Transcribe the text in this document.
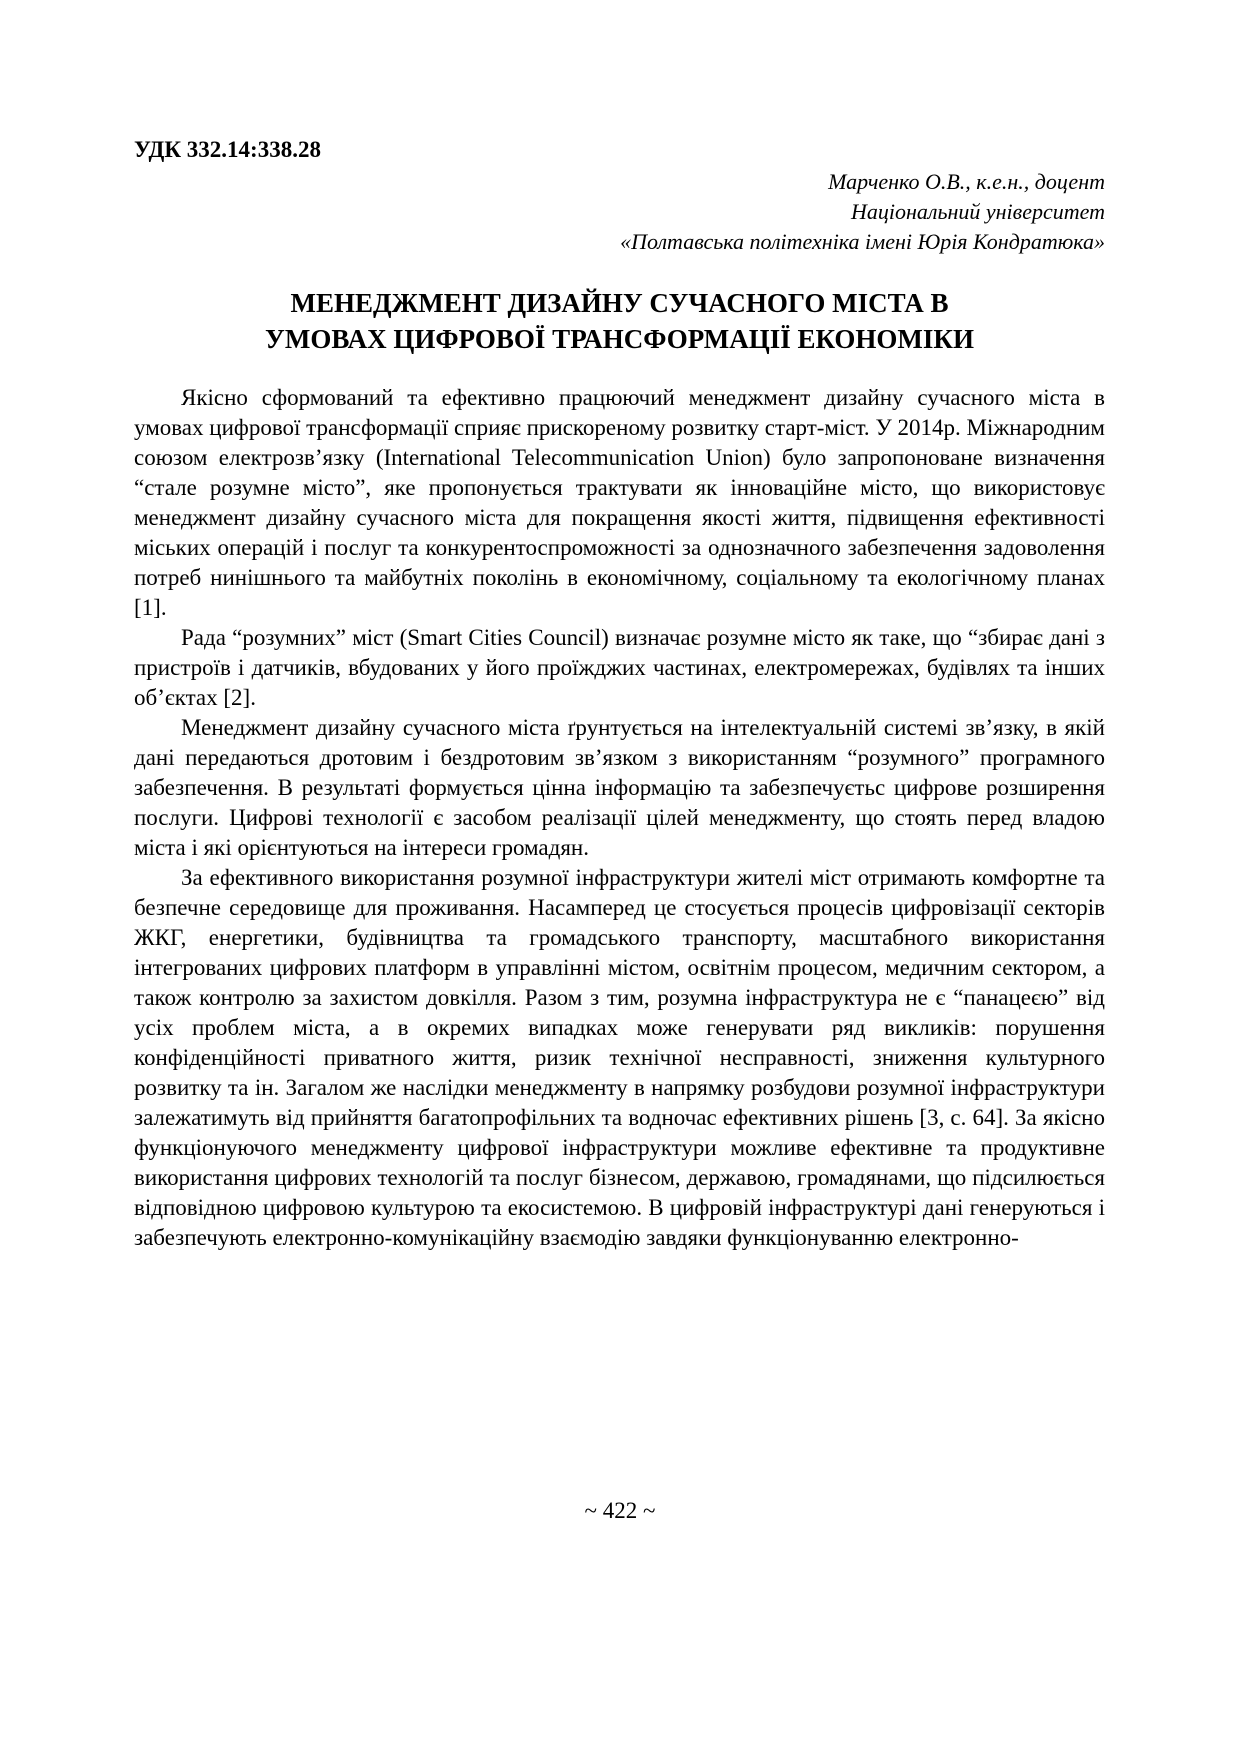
УДК 332.14:338.28
Марченко О.В., к.е.н., доцент
Національний університет
«Полтавська політехніка імені Юрія Кондратюка»
МЕНЕДЖМЕНТ ДИЗАЙНУ СУЧАСНОГО МІСТА В
УМОВАХ ЦИФРОВОЇ ТРАНСФОРМАЦІЇ ЕКОНОМІКИ

Якісно сформований та ефективно працюючий менеджмент дизайну сучасного міста в умовах цифрової трансформації сприяє прискореному розвитку старт-міст. У 2014р. Міжнародним союзом електрозв’язку (International Telecommunication Union) було запропоноване визначення “стале розумне місто”, яке пропонується трактувати як інноваційне місто, що використовує менеджмент дизайну сучасного міста для покращення якості життя, підвищення ефективності міських операцій і послуг та конкурентоспроможності за однозначного забезпечення задоволення потреб нинішнього та майбутніх поколінь в економічному, соціальному та екологічному планах [1].

Рада “розумних” міст (Smart Cities Council) визначає розумне місто як таке, що “збирає дані з пристроїв і датчиків, вбудованих у його проїжджих частинах, електромережах, будівлях та інших об’єктах [2].

Менеджмент дизайну сучасного міста ґрунтується на інтелектуальній системі зв’язку, в якій дані передаються дротовим і бездротовим зв’язком з використанням “розумного” програмного забезпечення. В результаті формується цінна інформацію та забезпечуєтьс цифрове розширення послуги. Цифрові технології є засобом реалізації цілей менеджменту, що стоять перед владою міста і які орієнтуються на інтереси громадян.

За ефективного використання розумної інфраструктури жителі міст отримають комфортне та безпечне середовище для проживання. Насамперед це стосується процесів цифровізації секторів ЖКГ, енергетики, будівництва та громадського транспорту, масштабного використання інтегрованих цифрових платформ в управлінні містом, освітнім процесом, медичним сектором, а також контролю за захистом довкілля. Разом з тим, розумна інфраструктура не є “панацеєю” від усіх проблем міста, а в окремих випадках може генерувати ряд викликів: порушення конфіденційності приватного життя, ризик технічної несправності, зниження культурного розвитку та ін. Загалом же наслідки менеджменту в напрямку розбудови розумної інфраструктури залежатимуть від прийняття багатопрофільних та водночас ефективних рішень [3, с. 64]. За якісно функціонуючого менеджменту цифрової інфраструктури можливе ефективне та продуктивне використання цифрових технологій та послуг бізнесом, державою, громадянами, що підсилюється відповідною цифровою культурою та екосистемою. В цифровій інфраструктурі дані генеруються і забезпечують електронно-комунікаційну взаємодію завдяки функціонуванню електронно-

~ 422 ~
